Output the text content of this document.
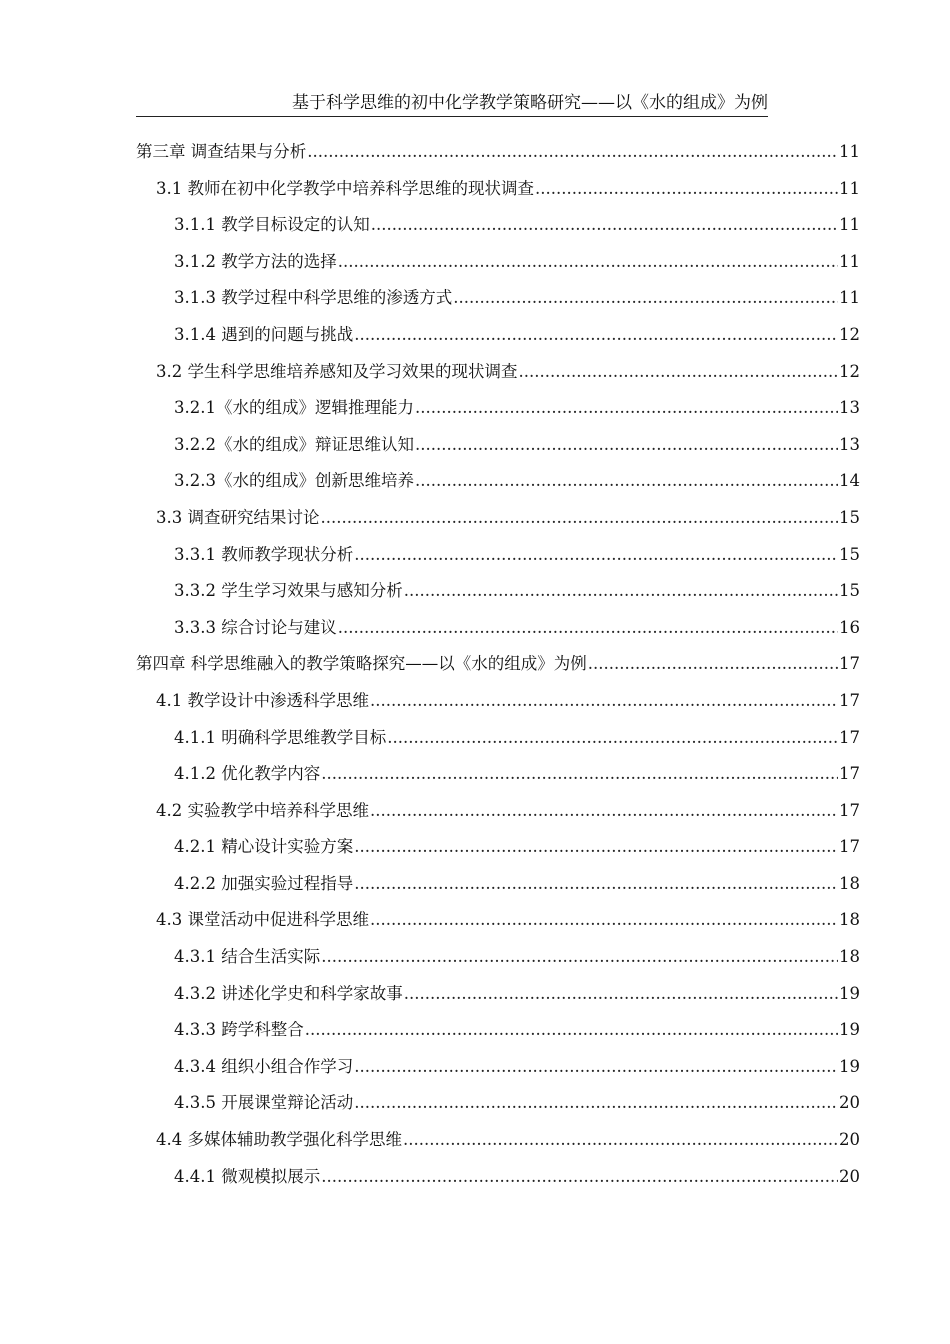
基于科学思维的初中化学教学策略研究——以《水的组成》为例
第三章 调查结果与分析 .....	11
3.1 教师在初中化学教学中培养科学思维的现状调查 .....	11
3.1.1 教学目标设定的认知 .....	11
3.1.2 教学方法的选择 .....	11
3.1.3 教学过程中科学思维的渗透方式 .....	11
3.1.4 遇到的问题与挑战 .....	12
3.2 学生科学思维培养感知及学习效果的现状调查 .....	12
3.2.1《水的组成》逻辑推理能力 .....	13
3.2.2《水的组成》辩证思维认知 .....	13
3.2.3《水的组成》创新思维培养 .....	14
3.3 调查研究结果讨论 .....	15
3.3.1 教师教学现状分析 .....	15
3.3.2 学生学习效果与感知分析 .....	15
3.3.3 综合讨论与建议 .....	16
第四章 科学思维融入的教学策略探究——以《水的组成》为例 .....	17
4.1 教学设计中渗透科学思维 .....	17
4.1.1 明确科学思维教学目标 .....	17
4.1.2 优化教学内容 .....	17
4.2 实验教学中培养科学思维 .....	17
4.2.1 精心设计实验方案 .....	17
4.2.2 加强实验过程指导 .....	18
4.3 课堂活动中促进科学思维 .....	18
4.3.1 结合生活实际 .....	18
4.3.2 讲述化学史和科学家故事 .....	19
4.3.3 跨学科整合 .....	19
4.3.4 组织小组合作学习 .....	19
4.3.5 开展课堂辩论活动 .....	20
4.4 多媒体辅助教学强化科学思维 .....	20
4.4.1 微观模拟展示 .....	20
